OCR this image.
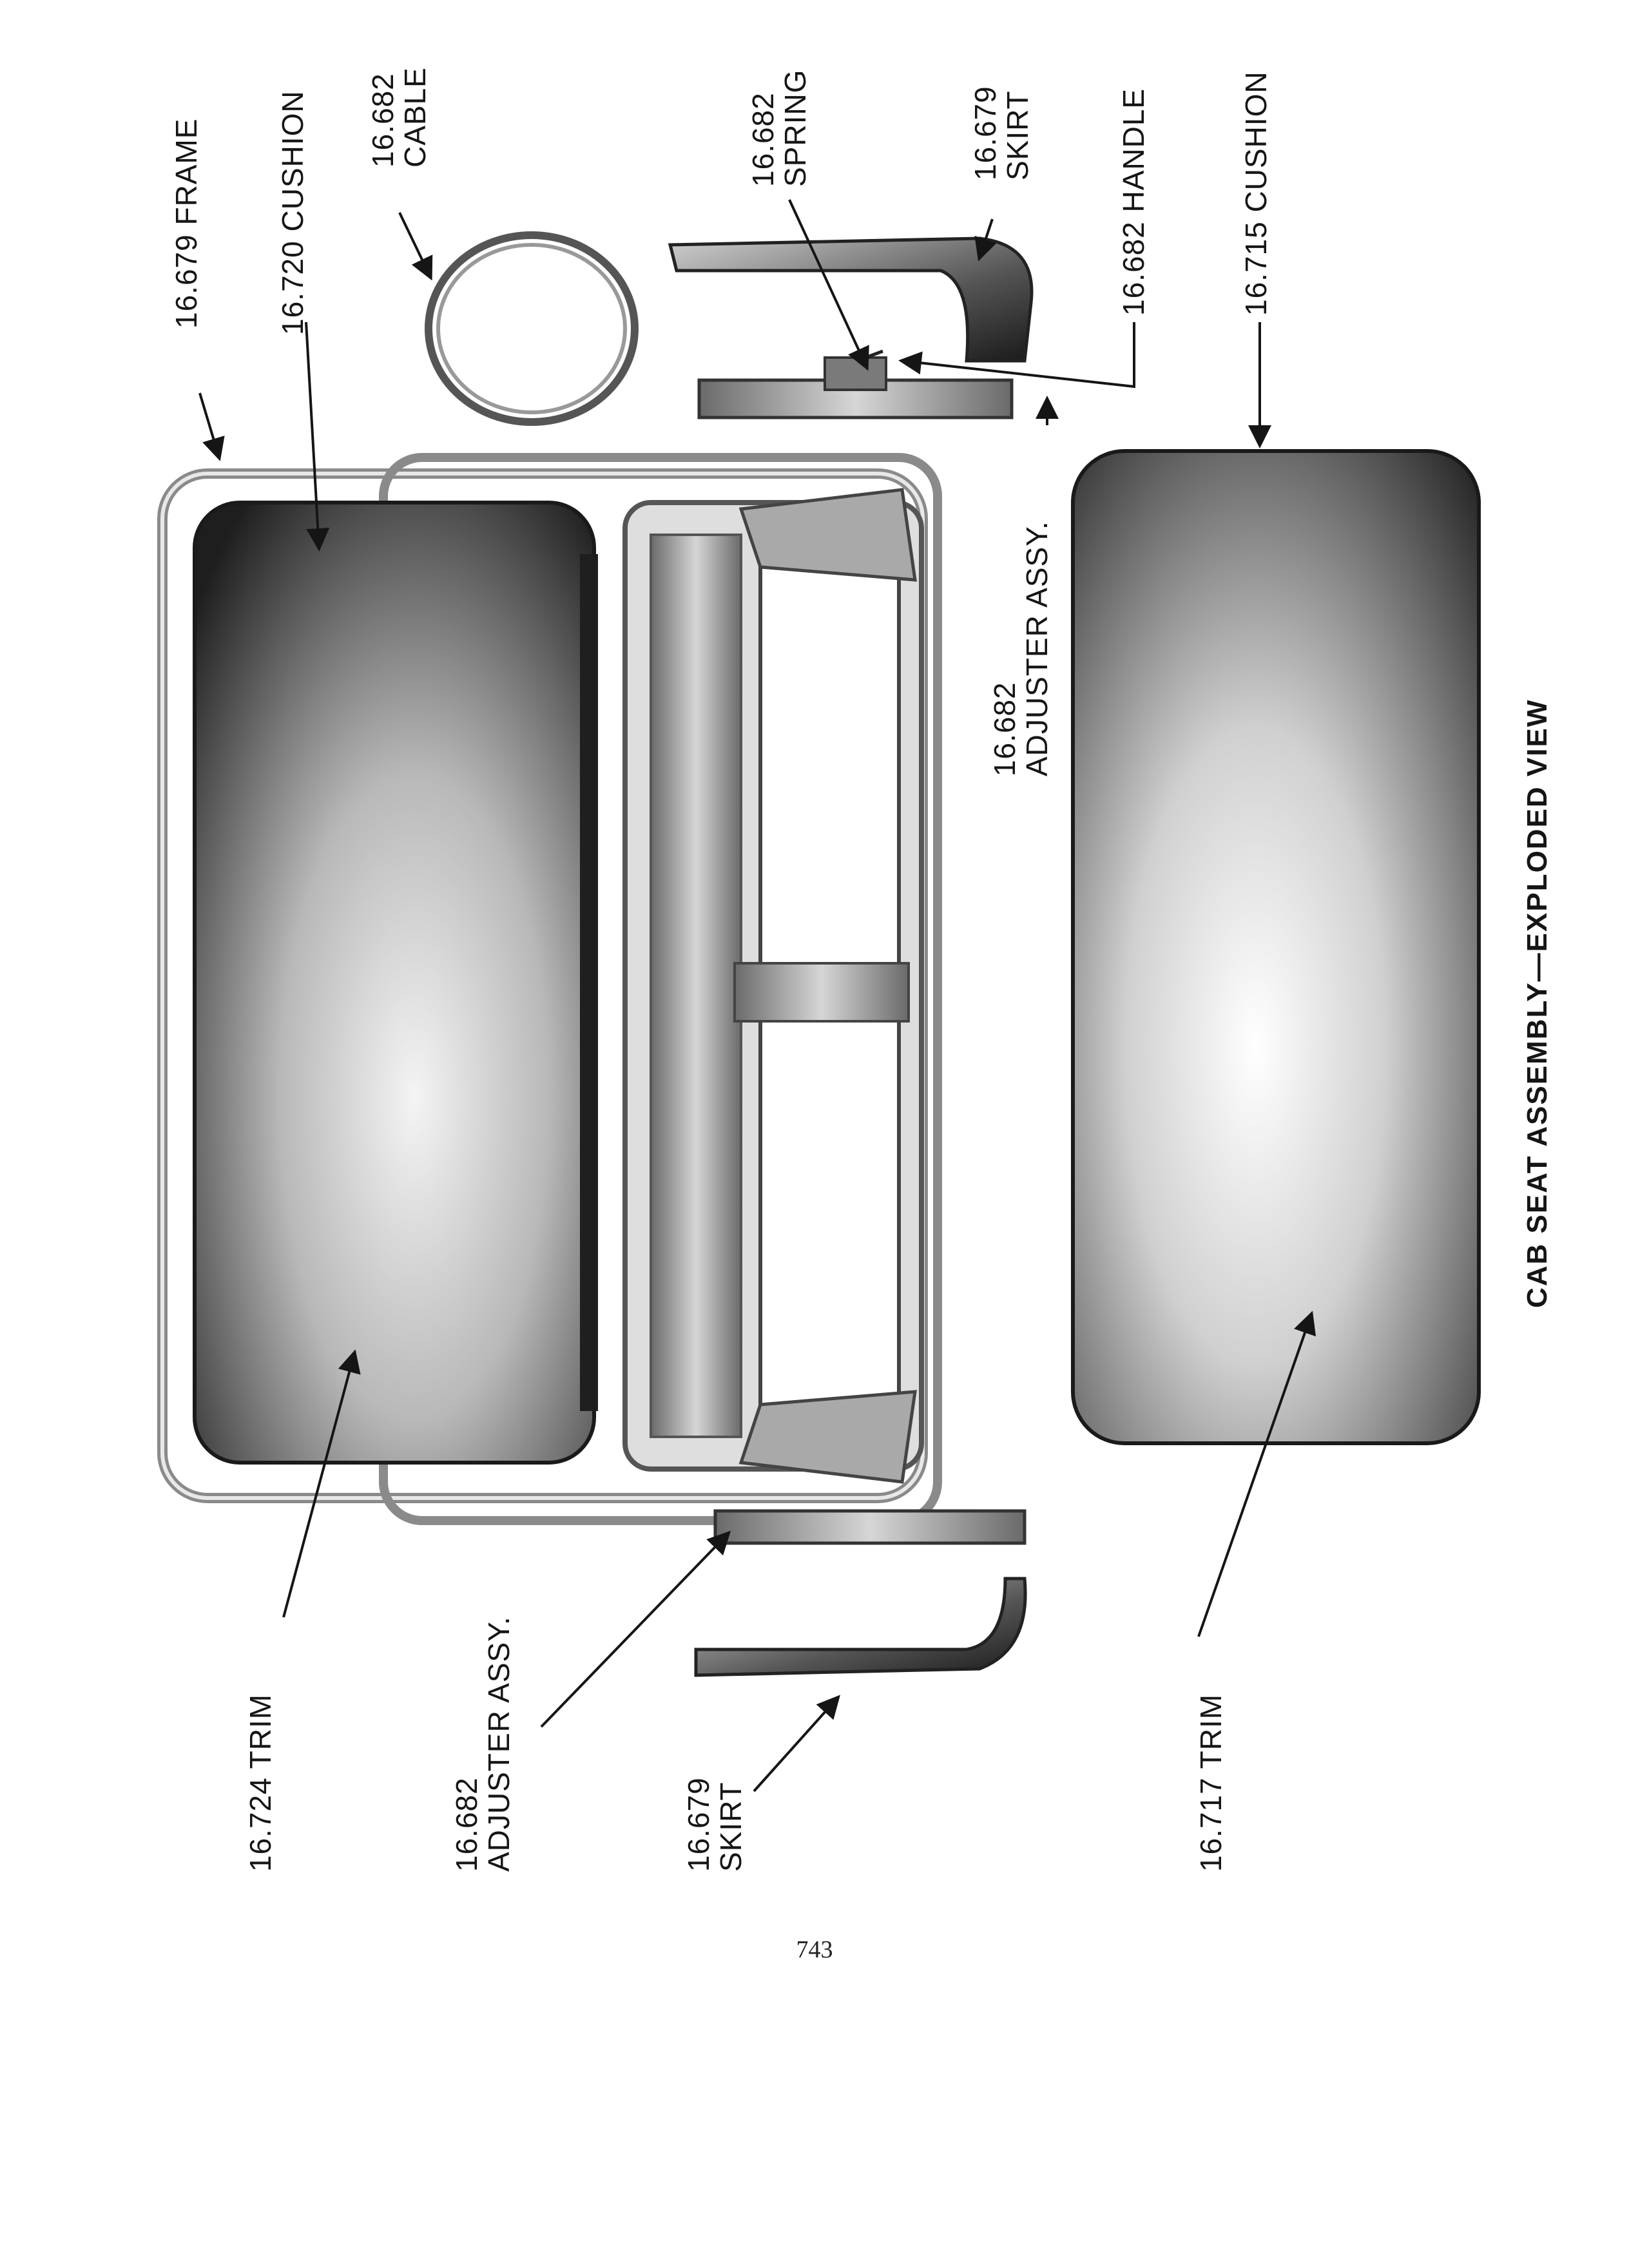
16.679 FRAME 16.720 CUSHION 16.682
CABLE	16.682
SPRING	16.679
SKIRT	16.682 HANDLE	16.715 CUSHION
16.682
ADJUSTER ASSY.
16.724 TRIM	16.682
ADJUSTER ASSY.	16.679
SKIRT	16.717 TRIM
CAB SEAT ASSEMBLY—EXPLODED VIEW
743
